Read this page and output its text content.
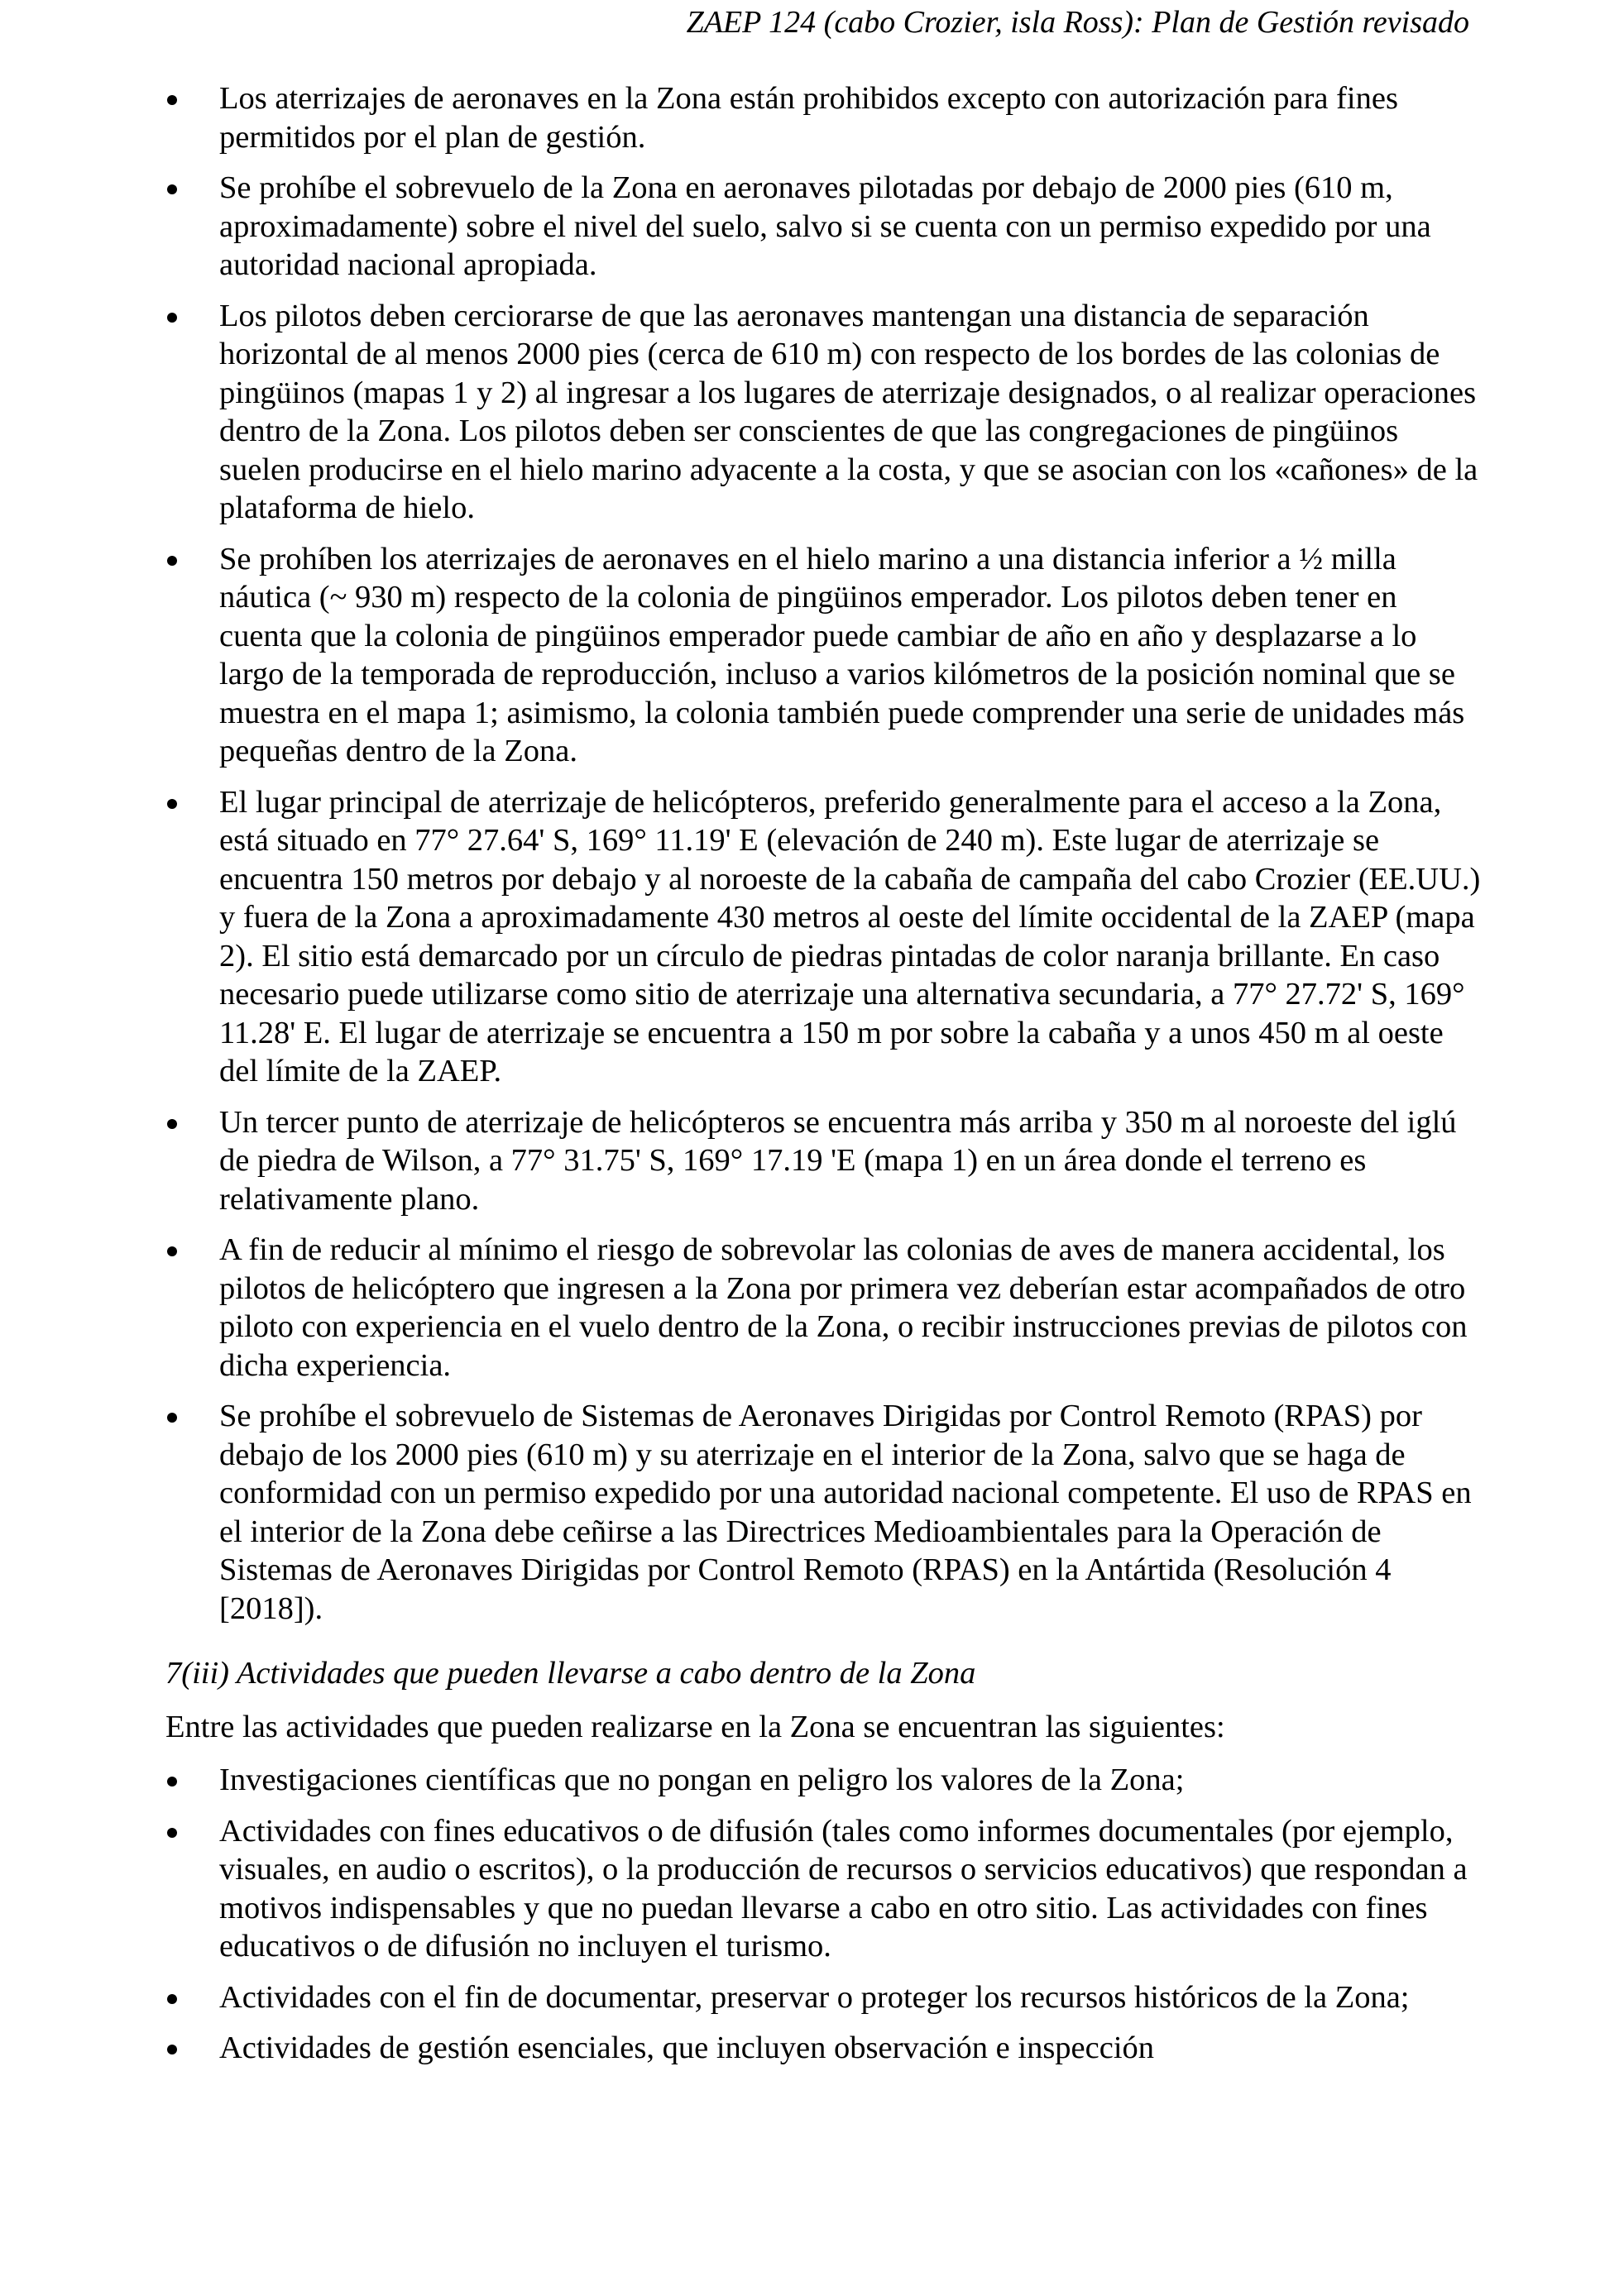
ZAEP 124 (cabo Crozier, isla Ross): Plan de Gestión revisado
Los aterrizajes de aeronaves en la Zona están prohibidos excepto con autorización para fines permitidos por el plan de gestión.
Se prohíbe el sobrevuelo de la Zona en aeronaves pilotadas por debajo de 2000 pies (610 m, aproximadamente) sobre el nivel del suelo, salvo si se cuenta con un permiso expedido por una autoridad nacional apropiada.
Los pilotos deben cerciorarse de que las aeronaves mantengan una distancia de separación horizontal de al menos 2000 pies (cerca de 610 m) con respecto de los bordes de las colonias de pingüinos (mapas 1 y 2) al ingresar a los lugares de aterrizaje designados, o al realizar operaciones dentro de la Zona. Los pilotos deben ser conscientes de que las congregaciones de pingüinos suelen producirse en el hielo marino adyacente a la costa, y que se asocian con los «cañones» de la plataforma de hielo.
Se prohíben los aterrizajes de aeronaves en el hielo marino a una distancia inferior a ½ milla náutica (~ 930 m) respecto de la colonia de pingüinos emperador. Los pilotos deben tener en cuenta que la colonia de pingüinos emperador puede cambiar de año en año y desplazarse a lo largo de la temporada de reproducción, incluso a varios kilómetros de la posición nominal que se muestra en el mapa 1; asimismo, la colonia también puede comprender una serie de unidades más pequeñas dentro de la Zona.
El lugar principal de aterrizaje de helicópteros, preferido generalmente para el acceso a la Zona, está situado en 77° 27.64' S, 169° 11.19' E (elevación de 240 m). Este lugar de aterrizaje se encuentra 150 metros por debajo y al noroeste de la cabaña de campaña del cabo Crozier (EE.UU.) y fuera de la Zona a aproximadamente 430 metros al oeste del límite occidental de la ZAEP (mapa 2). El sitio está demarcado por un círculo de piedras pintadas de color naranja brillante. En caso necesario puede utilizarse como sitio de aterrizaje una alternativa secundaria, a 77° 27.72' S, 169° 11.28' E. El lugar de aterrizaje se encuentra a 150 m por sobre la cabaña y a unos 450 m al oeste del límite de la ZAEP.
Un tercer punto de aterrizaje de helicópteros se encuentra más arriba y 350 m al noroeste del iglú de piedra de Wilson, a 77° 31.75' S, 169° 17.19 'E (mapa 1) en un área donde el terreno es relativamente plano.
A fin de reducir al mínimo el riesgo de sobrevolar las colonias de aves de manera accidental, los pilotos de helicóptero que ingresen a la Zona por primera vez deberían estar acompañados de otro piloto con experiencia en el vuelo dentro de la Zona, o recibir instrucciones previas de pilotos con dicha experiencia.
Se prohíbe el sobrevuelo de Sistemas de Aeronaves Dirigidas por Control Remoto (RPAS) por debajo de los 2000 pies (610 m) y su aterrizaje en el interior de la Zona, salvo que se haga de conformidad con un permiso expedido por una autoridad nacional competente. El uso de RPAS en el interior de la Zona debe ceñirse a las Directrices Medioambientales para la Operación de Sistemas de Aeronaves Dirigidas por Control Remoto (RPAS) en la Antártida (Resolución 4 [2018]).
7(iii) Actividades que pueden llevarse a cabo dentro de la Zona
Entre las actividades que pueden realizarse en la Zona se encuentran las siguientes:
Investigaciones científicas que no pongan en peligro los valores de la Zona;
Actividades con fines educativos o de difusión (tales como informes documentales (por ejemplo, visuales, en audio o escritos), o la producción de recursos o servicios educativos) que respondan a motivos indispensables y que no puedan llevarse a cabo en otro sitio. Las actividades con fines educativos o de difusión no incluyen el turismo.
Actividades con el fin de documentar, preservar o proteger los recursos históricos de la Zona;
Actividades de gestión esenciales, que incluyen observación e inspección
